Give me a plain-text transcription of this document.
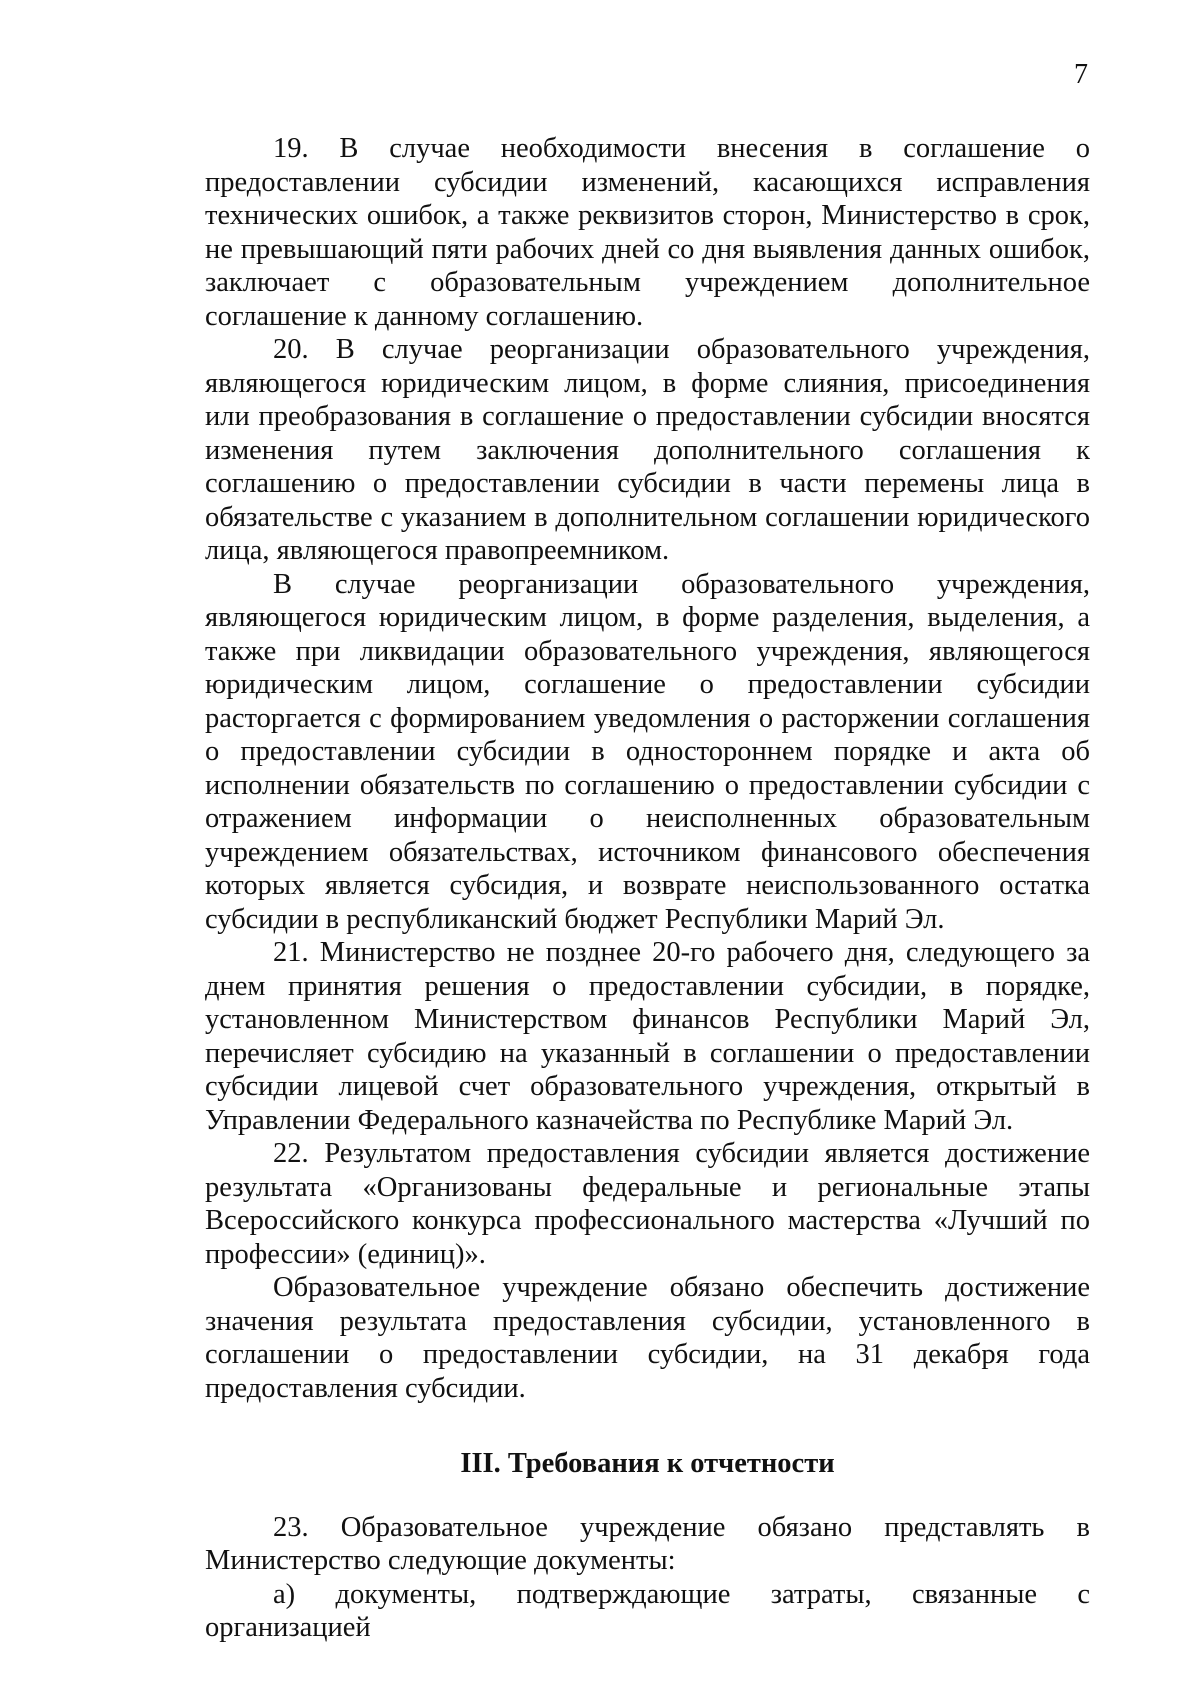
7

19. В случае необходимости внесения в соглашение о предоставлении субсидии изменений, касающихся исправления технических ошибок, а также реквизитов сторон, Министерство в срок, не превышающий пяти рабочих дней со дня выявления данных ошибок, заключает с образовательным учреждением дополнительное соглашение к данному соглашению.

20. В случае реорганизации образовательного учреждения, являющегося юридическим лицом, в форме слияния, присоединения или преобразования в соглашение о предоставлении субсидии вносятся изменения путем заключения дополнительного соглашения к соглашению о предоставлении субсидии в части перемены лица в обязательстве с указанием в дополнительном соглашении юридического лица, являющегося правопреемником.

В случае реорганизации образовательного учреждения, являющегося юридическим лицом, в форме разделения, выделения, а также при ликвидации образовательного учреждения, являющегося юридическим лицом, соглашение о предоставлении субсидии расторгается с формированием уведомления о расторжении соглашения о предоставлении субсидии в одностороннем порядке и акта об исполнении обязательств по соглашению о предоставлении субсидии с отражением информации о неисполненных образовательным учреждением обязательствах, источником финансового обеспечения которых является субсидия, и возврате неиспользованного остатка субсидии в республиканский бюджет Республики Марий Эл.

21. Министерство не позднее 20-го рабочего дня, следующего за днем принятия решения о предоставлении субсидии, в порядке, установленном Министерством финансов Республики Марий Эл, перечисляет субсидию на указанный в соглашении о предоставлении субсидии лицевой счет образовательного учреждения, открытый в Управлении Федерального казначейства по Республике Марий Эл.

22. Результатом предоставления субсидии является достижение результата «Организованы федеральные и региональные этапы Всероссийского конкурса профессионального мастерства «Лучший по профессии» (единиц)».

Образовательное учреждение обязано обеспечить достижение значения результата предоставления субсидии, установленного в соглашении о предоставлении субсидии, на 31 декабря года предоставления субсидии.

III. Требования к отчетности

23. Образовательное учреждение обязано представлять в Министерство следующие документы:

а) документы, подтверждающие затраты, связанные с организацией
